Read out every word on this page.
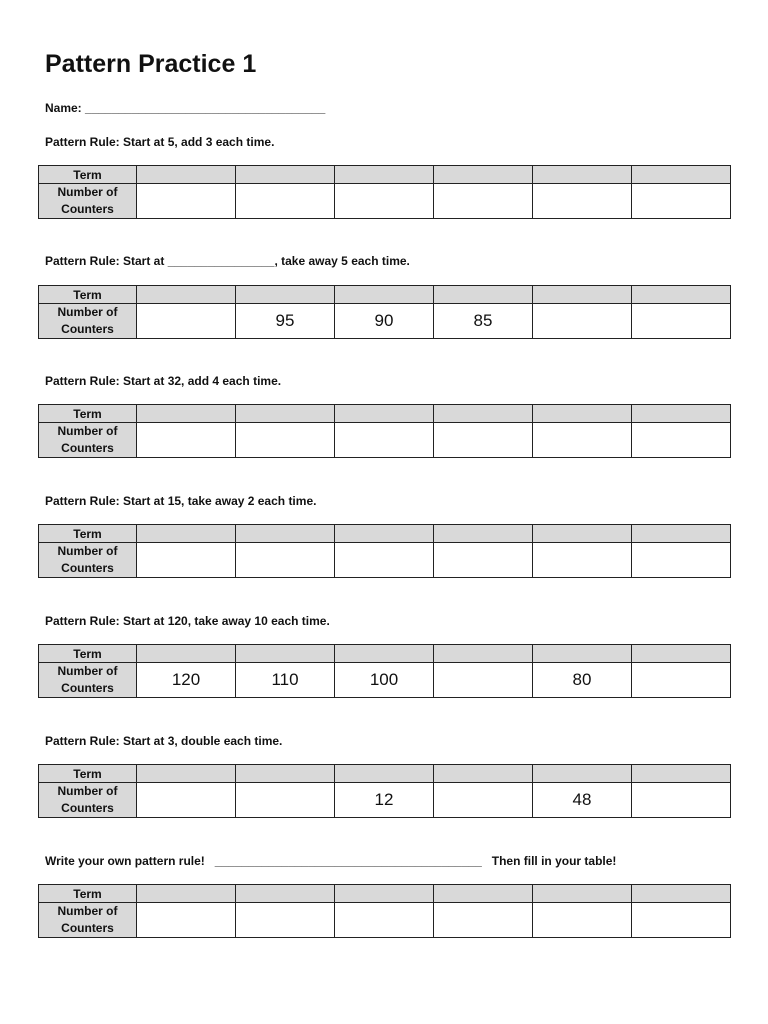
Pattern Practice 1
Name: ____________________________________
Pattern Rule: Start at 5, add 3 each time.
Term						
Number of
Counters						
Pattern Rule: Start at ________________, take away 5 each time.
Term						
Number of
Counters		95	90	85		
Pattern Rule: Start at 32, add 4 each time.
Term						
Number of
Counters						
Pattern Rule: Start at 15, take away 2 each time.
Term						
Number of
Counters						
Pattern Rule: Start at 120, take away 10 each time.
Term						
Number of
Counters	120	110	100		80	
Pattern Rule: Start at 3, double each time.
Term						
Number of
Counters			12		48	
Write your own pattern rule!   ________________________________________   Then fill in your table!
Term						
Number of
Counters						
